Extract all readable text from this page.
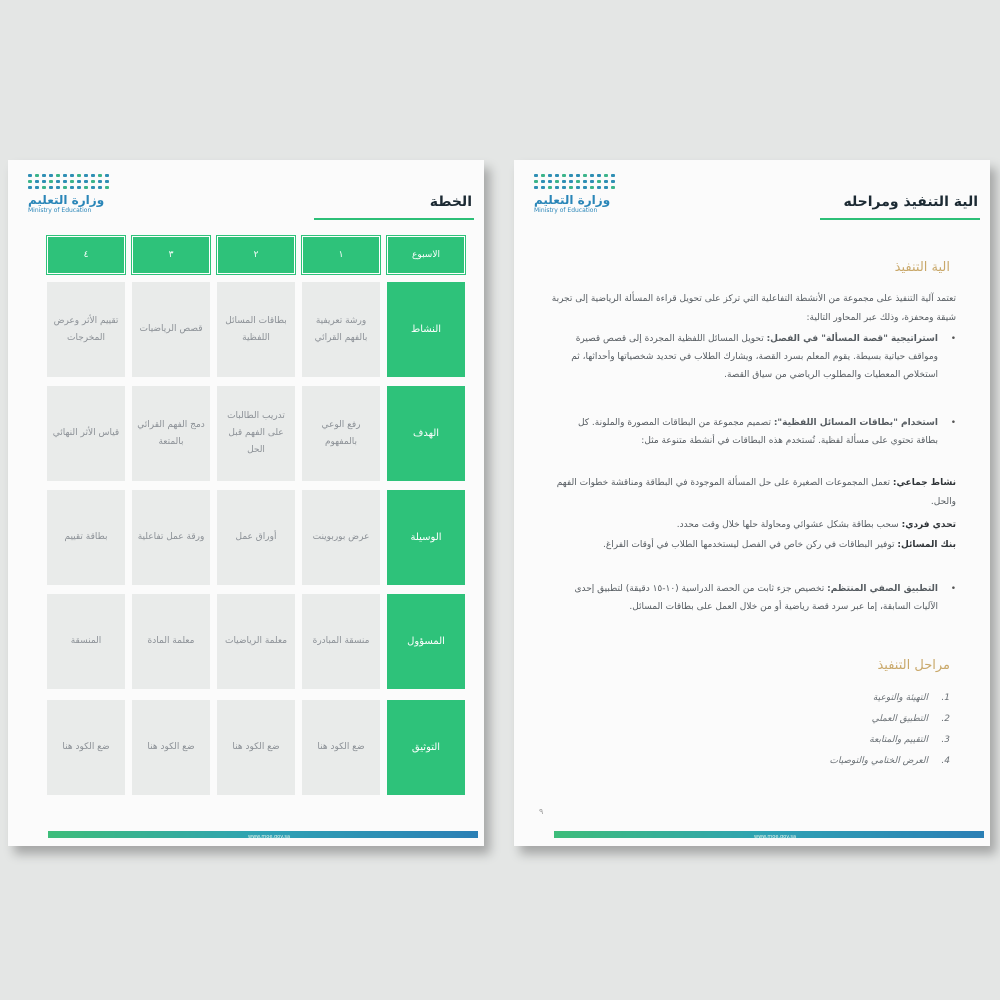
وزارة التعليم
Ministry of Education
الخطة
الاسبوع
١
٢
٣
٤
النشاط
ورشة تعريفية بالفهم القرائي
بطاقات المسائل اللفظية
قصص الرياضيات
تقييم الأثر وعرض المخرجات
الهدف
رفع الوعي بالمفهوم
تدريب الطالبات على الفهم قبل الحل
دمج الفهم القرائي بالمتعة
قياس الأثر النهائي
الوسيلة
عرض بوربوينت
أوراق عمل
ورقة عمل تفاعلية
بطاقة تقييم
المسؤول
منسقة المبادرة
معلمة الرياضيات
معلمة المادة
المنسقة
التوثيق
ضع الكود هنا
ضع الكود هنا
ضع الكود هنا
ضع الكود هنا
www.moe.gov.sa
وزارة التعليم
Ministry of Education
الية التنفيذ ومراحله
الية التنفيذ
تعتمد آلية التنفيذ على مجموعة من الأنشطة التفاعلية التي تركز على تحويل قراءة المسألة الرياضية إلى تجربة شيقة ومحفزة، وذلك عبر المحاور التالية:
•
استراتيجية "قصة المسألة" في الفصل: تحويل المسائل اللفظية المجردة إلى قصص قصيرة ومواقف حياتية بسيطة. يقوم المعلم بسرد القصة، ويشارك الطلاب في تحديد شخصياتها وأحداثها، ثم استخلاص المعطيات والمطلوب الرياضي من سياق القصة.
•
استخدام "بطاقات المسائل اللفظية": تصميم مجموعة من البطاقات المصورة والملونة. كل بطاقة تحتوي على مسألة لفظية. تُستخدم هذه البطاقات في أنشطة متنوعة مثل:
نشاط جماعي: تعمل المجموعات الصغيرة على حل المسألة الموجودة في البطاقة ومناقشة خطوات الفهم والحل.
تحدي فردي: سحب بطاقة بشكل عشوائي ومحاولة حلها خلال وقت محدد.
بنك المسائل: توفير البطاقات في ركن خاص في الفصل ليستخدمها الطلاب في أوقات الفراغ.
•
التطبيق الصفي المنتظم: تخصيص جزء ثابت من الحصة الدراسية (١٠-١٥ دقيقة) لتطبيق إحدى الآليات السابقة، إما عبر سرد قصة رياضية أو من خلال العمل على بطاقات المسائل.
مراحل التنفيذ
1.التهيئة والتوعية
2.التطبيق العملي
3.التقييم والمتابعة
4.العرض الختامي والتوصيات
٩
www.moe.gov.sa
